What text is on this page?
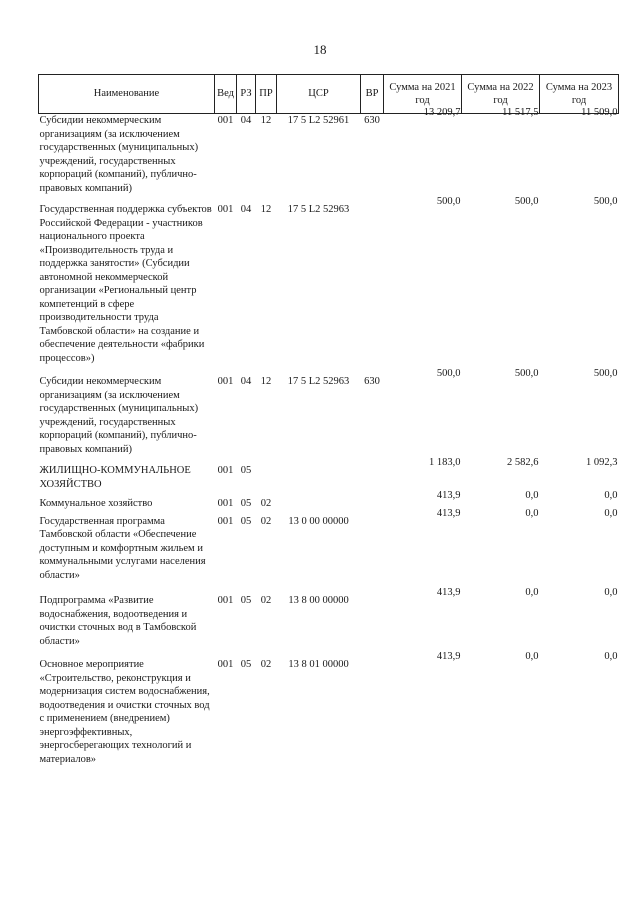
18
Наименование	Вед	РЗ	ПР	ЦСР	ВР	Сумма на 2021 год	Сумма на 2022 год	Сумма на 2023 год
Субсидии некоммерческим организациям (за исключением государственных (муниципальных) учреждений, государственных корпораций (компаний), публично-правовых компаний)	001	04	12	17 5 L2 52961	630	13 209,7	11 517,5	11 509,0
Государственная поддержка субъектов Российской Федерации - участников национального проекта «Производительность труда и поддержка занятости» (Субсидии автономной некоммерческой организации «Региональный центр компетенций в сфере производительности труда Тамбовской области» на создание и обеспечение деятельности «фабрики процессов»)	001	04	12	17 5 L2 52963		500,0	500,0	500,0
Субсидии некоммерческим организациям (за исключением государственных (муниципальных) учреждений, государственных корпораций (компаний), публично-правовых компаний)	001	04	12	17 5 L2 52963	630	500,0	500,0	500,0
ЖИЛИЩНО-КОММУНАЛЬНОЕ ХОЗЯЙСТВО	001	05				1 183,0	2 582,6	1 092,3
Коммунальное хозяйство	001	05	02			413,9	0,0	0,0
Государственная программа Тамбовской области «Обеспечение доступным и комфортным жильем и коммунальными услугами населения области»	001	05	02	13 0 00 00000		413,9	0,0	0,0
Подпрограмма «Развитие водоснабжения, водоотведения и очистки сточных вод в Тамбовской области»	001	05	02	13 8 00 00000		413,9	0,0	0,0
Основное мероприятие «Строительство, реконструкция и модернизация систем водоснабжения, водоотведения и очистки сточных вод с применением (внедрением) энергоэффективных, энергосберегающих технологий и материалов»	001	05	02	13 8 01 00000		413,9	0,0	0,0
